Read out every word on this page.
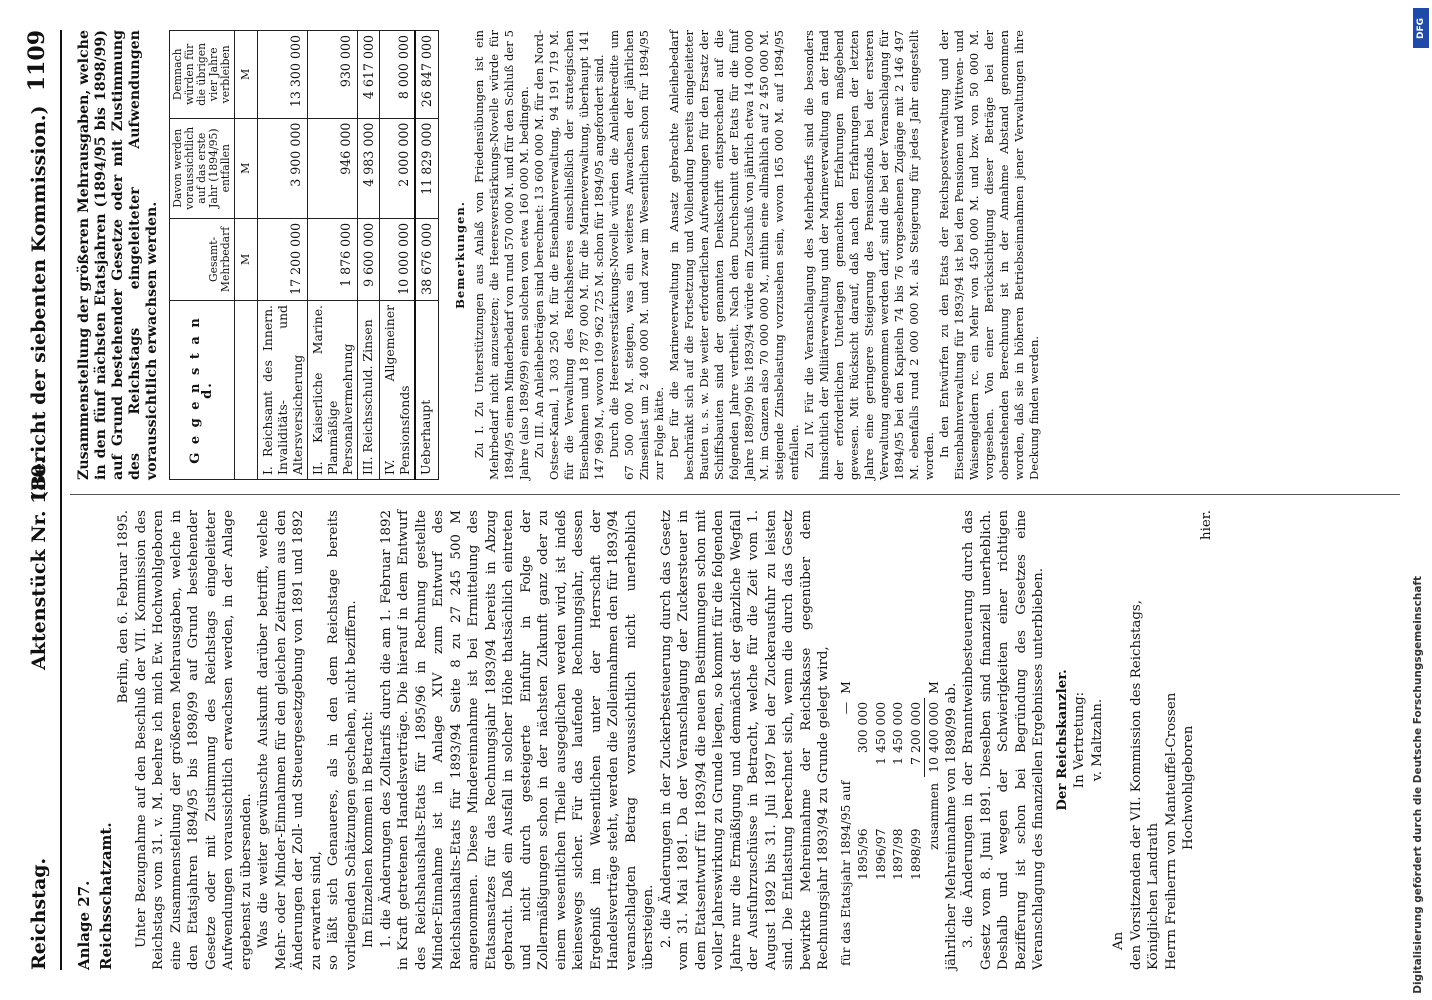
Reichstag.
Aktenstück Nr. 180.
(Bericht der siebenten Kommission.)
1109

Anlage 27. Reichsschatzamt.

Berlin, den 6. Februar 1895. Unter Bezugnahme auf den Beschluß der VII. Kommission des Reichstags vom 31. v. M. beehre ich mich Ew. Hochwohlgeboren eine Zusammenstellung der größeren Mehrausgaben, welche in den Etatsjahren 1894/95 bis 1898/99 auf Grund bestehender Gesetze oder mit Zustimmung des Reichstags eingeleiteter Aufwendungen voraussichtlich erwachsen werden, in der Anlage ergebenst zu übersenden. Was die weiter gewünschte Auskunft darüber betrifft, welche Mehr- oder Minder-Einnahmen für den gleichen Zeitraum aus den Änderungen der Zoll- und Steuergesetzgebung von 1891 und 1892 zu erwarten sind, so läßt sich Genaueres, als in den dem Reichstage bereits vorliegenden Schätzungen geschehen, nicht beziffern. Im Einzelnen kommen in Betracht: 1. die Änderungen des Zolltarifs durch die am 1. Februar 1892 in Kraft getretenen Handelsverträge. Die hierauf in dem Entwurf des Reichshaushalts-Etats für 1895/96 in Rechnung gestellte Minder-Einnahme ist in Anlage XIV zum Entwurf des Reichshaushalts-Etats für 1893/94 Seite 8 zu 27 245 500 M angenommen. Diese Mindereinnahme ist bei Ermittelung des Etatsansatzes für das Rechnungsjahr 1893/94 bereits in Abzug gebracht. Daß ein Ausfall in solcher Höhe thatsächlich eintreten und nicht durch gesteigerte Einfuhr in Folge der Zollermäßigungen schon in der nächsten Zukunft ganz oder zu einem wesentlichen Theile ausgeglichen werden wird, ist indeß keineswegs sicher. Für das laufende Rechnungsjahr, dessen Ergebniß im Wesentlichen unter der Herrschaft der Handelsverträge steht, werden die Zolleinnahmen den für 1893/94 veranschlagten Betrag voraussichtlich nicht unerheblich übersteigen. 2. die Änderungen in der Zuckerbesteuerung durch das Gesetz vom 31. Mai 1891. Da der Veranschlagung der Zuckersteuer in dem Etatsentwurf für 1893/94 die neuen Bestimmungen schon mit voller Jahreswirkung zu Grunde liegen, so kommt für die folgenden Jahre nur die Ermäßigung und demnächst der gänzliche Wegfall der Ausfuhrzuschüsse in Betracht, welche für die Zeit vom 1. August 1892 bis 31. Juli 1897 bei der Zuckerausfuhr zu leisten sind. Die Entlastung berechnet sich, wenn die durch das Gesetz bewirkte Mehreinnahme der Reichskasse gegenüber dem Rechnungsjahr 1893/94 zu Grunde gelegt wird, für das Etatsjahr 1894/95 auf	—	M
1895/96	300 000	
1896/97	1 450 000	
1897/98	1 450 000	
1898/99	7 200 000	
zusammen	10 400 000	M jährlicher Mehreinnahme von 1898/99 ab. 3. die Änderungen in der Branntweinbesteuerung durch das Gesetz vom 8. Juni 1891. Dieselben sind finanziell unerheblich. Deshalb und wegen der Schwierigkeiten einer richtigen Bezifferung ist schon bei Begründung des Gesetzes eine Veranschlagung des finanziellen Ergebnisses unterblieben. Der Reichskanzler. In Vertretung: v. Maltzahn.

An den Vorsitzenden der VII. Kommission des Reichstags, Königlichen Landrath Herrn Freiherrn von Manteuffel-Crossen Hochwohlgeboren

hier.

Zusammenstellung der größeren Mehrausgaben, welche in den fünf nächsten Etatsjahren (1894/95 bis 1898/99) auf Grund bestehender Gesetze oder mit Zustimmung des Reichstags eingeleiteter Aufwendungen voraussichtlich erwachsen werden. G e g e n s t a n d.	Gesamt-Mehrbedarf	Davon werden voraussichtlich auf das erste Jahr (1894/95) entfallen	Demnach würden für die übrigen vier Jahre verbleiben
	M	M	M
I. Reichsamt des Innern. Invaliditäts- und Altersversicherung	17 200 000	3 900 000	13 300 000
II. Kaiserliche Marine. Planmäßige Personalvermehrung	1 876 000	946 000	930 000
III. Reichsschuld. Zinsen	9 600 000	4 983 000	4 617 000
IV. Allgemeiner Pensionsfonds	10 000 000	2 000 000	8 000 000
Ueberhaupt	38 676 000	11 829 000	26 847 000

Bemerkungen. Zu I. Zu Unterstützungen aus Anlaß von Friedensübungen ist ein Mehrbedarf nicht anzusetzen; die Heeresverstärkungs-Novelle würde für 1894/95 einen Minderbedarf von rund 570 000 M. und für den Schluß der 5 Jahre (also 1898/99) einen solchen von etwa 160 000 M. bedingen. Zu III. An Anleihebeträgen sind berechnet: 13 600 000 M. für den Nord-Ostsee-Kanal, 1 303 250 M. für die Eisenbahnverwaltung, 94 191 719 M. für die Verwaltung des Reichsheeres einschließlich der strategischen Eisenbahnen und 18 787 000 M. für die Marineverwaltung, überhaupt 141 147 969 M., wovon 109 962 725 M. schon für 1894/95 angefordert sind. Durch die Heeresverstärkungs-Novelle würden die Anleihekredite um 67 500 000 M. steigen, was ein weiteres Anwachsen der jährlichen Zinsenlast um 2 400 000 M. und zwar im Wesentlichen schon für 1894/95 zur Folge hätte. Der für die Marineverwaltung in Ansatz gebrachte Anleihebedarf beschränkt sich auf die Fortsetzung und Vollendung bereits eingeleiteter Bauten u. s. w. Die weiter erforderlichen Aufwendungen für den Ersatz der Schiffsbauten sind der genannten Denkschrift entsprechend auf die folgenden Jahre vertheilt. Nach dem Durchschnitt der Etats für die fünf Jahre 1889/90 bis 1893/94 würde ein Zuschuß von jährlich etwa 14 000 000 M. im Ganzen also 70 000 000 M., mithin eine allmählich auf 2 450 000 M. steigende Zinsbelastung vorzusehen sein, wovon 165 000 M. auf 1894/95 entfallen. Zu IV. Für die Veranschlagung des Mehrbedarfs sind die besonders hinsichtlich der Militärverwaltung und der Marineverwaltung an der Hand der erforderlichen Unterlagen gemachten Erfahrungen maßgebend gewesen. Mit Rücksicht darauf, daß nach den Erfahrungen der letzten Jahre eine geringere Steigerung des Pensionsfonds bei der ersteren Verwaltung angenommen werden darf, sind die bei der Veranschlagung für 1894/95 bei den Kapiteln 74 bis 76 vorgesehenen Zugänge mit 2 146 497 M. ebenfalls rund 2 000 000 M. als Steigerung für jedes Jahr eingestellt worden. In den Entwürfen zu den Etats der Reichspostverwaltung und der Eisenbahnverwaltung für 1893/94 ist bei den Pensionen und Wittwen- und Waisengeldern rc. ein Mehr von 450 000 M. und bzw. von 50 000 M. vorgesehen. Von einer Berücksichtigung dieser Beträge bei der obenstehenden Berechnung ist in der Annahme Abstand genommen worden, daß sie in höheren Betriebseinnahmen jener Verwaltungen ihre Deckung finden werden.

DFG
Digitalisierung gefördert durch die Deutsche Forschungsgemeinschaft
